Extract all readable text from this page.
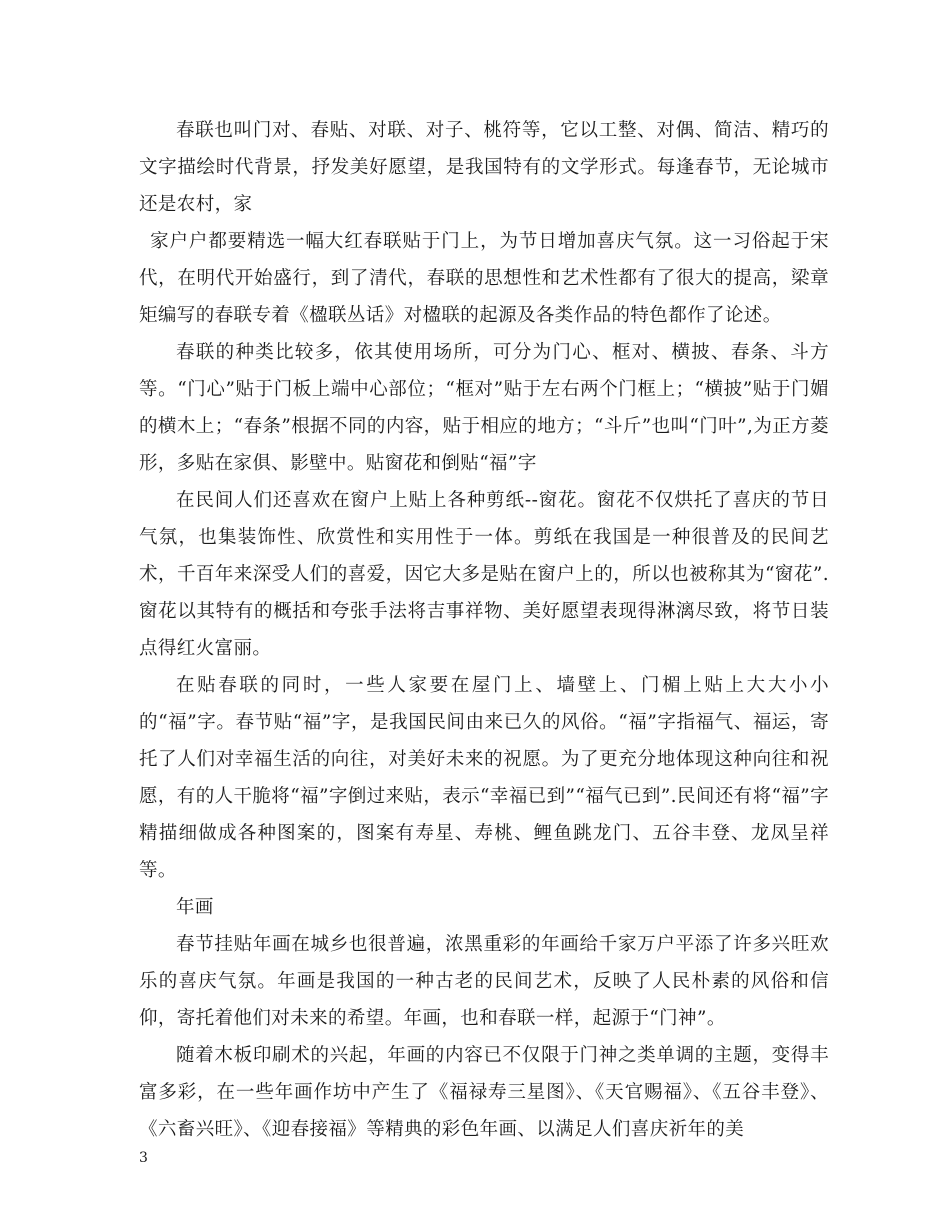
春联也叫门对、春贴、对联、对子、桃符等，它以工整、对偶、简洁、精巧的文字描绘时代背景，抒发美好愿望，是我国特有的文学形式。每逢春节，无论城市还是农村，家

家户户都要精选一幅大红春联贴于门上，为节日增加喜庆气氛。这一习俗起于宋代，在明代开始盛行，到了清代，春联的思想性和艺术性都有了很大的提高，梁章矩编写的春联专着《楹联丛话》对楹联的起源及各类作品的特色都作了论述。

春联的种类比较多，依其使用场所，可分为门心、框对、横披、春条、斗方等。“门心”贴于门板上端中心部位；“框对”贴于左右两个门框上；“横披”贴于门媚的横木上；“春条”根据不同的内容，贴于相应的地方；“斗斤”也叫“门叶”,为正方菱形，多贴在家俱、影壁中。贴窗花和倒贴“福”字

在民间人们还喜欢在窗户上贴上各种剪纸--窗花。窗花不仅烘托了喜庆的节日气氛，也集装饰性、欣赏性和实用性于一体。剪纸在我国是一种很普及的民间艺术，千百年来深受人们的喜爱，因它大多是贴在窗户上的，所以也被称其为“窗花”.窗花以其特有的概括和夸张手法将吉事祥物、美好愿望表现得淋漓尽致，将节日装点得红火富丽。

在贴春联的同时，一些人家要在屋门上、墙壁上、门楣上贴上大大小小的“福”字。春节贴“福”字，是我国民间由来已久的风俗。“福”字指福气、福运，寄托了人们对幸福生活的向往，对美好未来的祝愿。为了更充分地体现这种向往和祝愿，有的人干脆将“福”字倒过来贴，表示“幸福已到”“福气已到”.民间还有将“福”字精描细做成各种图案的，图案有寿星、寿桃、鲤鱼跳龙门、五谷丰登、龙凤呈祥等。

年画

春节挂贴年画在城乡也很普遍，浓黑重彩的年画给千家万户平添了许多兴旺欢乐的喜庆气氛。年画是我国的一种古老的民间艺术，反映了人民朴素的风俗和信仰，寄托着他们对未来的希望。年画，也和春联一样，起源于“门神”。

随着木板印刷术的兴起，年画的内容已不仅限于门神之类单调的主题，变得丰富多彩，在一些年画作坊中产生了《福禄寿三星图》、《天官赐福》、《五谷丰登》、《六畜兴旺》、《迎春接福》等精典的彩色年画、以满足人们喜庆祈年的美

3
